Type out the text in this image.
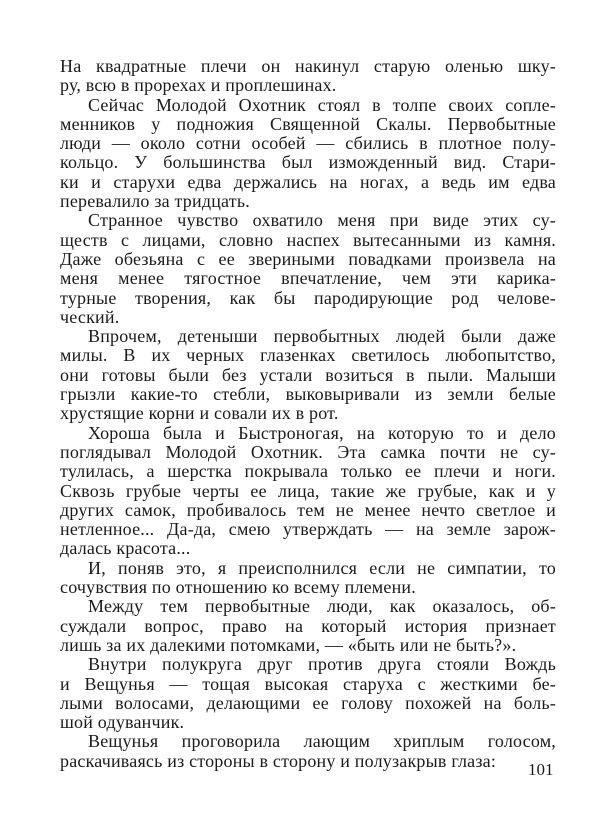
На квадратные плечи он накинул старую оленью шку-
ру, всю в прорехах и проплешинах.
Сейчас Молодой Охотник стоял в толпе своих сопле-
менников у подножия Священной Скалы. Первобытные
люди — около сотни особей — сбились в плотное полу-
кольцо. У большинства был изможденный вид. Стари-
ки и старухи едва держались на ногах, а ведь им едва
перевалило за тридцать.
Странное чувство охватило меня при виде этих су-
ществ с лицами, словно наспех вытесанными из камня.
Даже обезьяна с ее звериными повадками произвела на
меня менее тягостное впечатление, чем эти карика-
турные творения, как бы пародирующие род челове-
ческий.
Впрочем, детеныши первобытных людей были даже
милы. В их черных глазенках светилось любопытство,
они готовы были без устали возиться в пыли. Малыши
грызли какие-то стебли, выковыривали из земли белые
хрустящие корни и совали их в рот.
Хороша была и Быстроногая, на которую то и дело
поглядывал Молодой Охотник. Эта самка почти не су-
тулилась, а шерстка покрывала только ее плечи и ноги.
Сквозь грубые черты ее лица, такие же грубые, как и у
других самок, пробивалось тем не менее нечто светлое и
нетленное... Да-да, смею утверждать — на земле зарож-
далась красота...
И, поняв это, я преисполнился если не симпатии, то
сочувствия по отношению ко всему племени.
Между тем первобытные люди, как оказалось, об-
суждали вопрос, право на который история признает
лишь за их далекими потомками, — «быть или не быть?».
Внутри полукруга друг против друга стояли Вождь
и Вещунья — тощая высокая старуха с жесткими бе-
лыми волосами, делающими ее голову похожей на боль-
шой одуванчик.
Вещунья проговорила лающим хриплым голосом,
раскачиваясь из стороны в сторону и полузакрыв глаза:	101
